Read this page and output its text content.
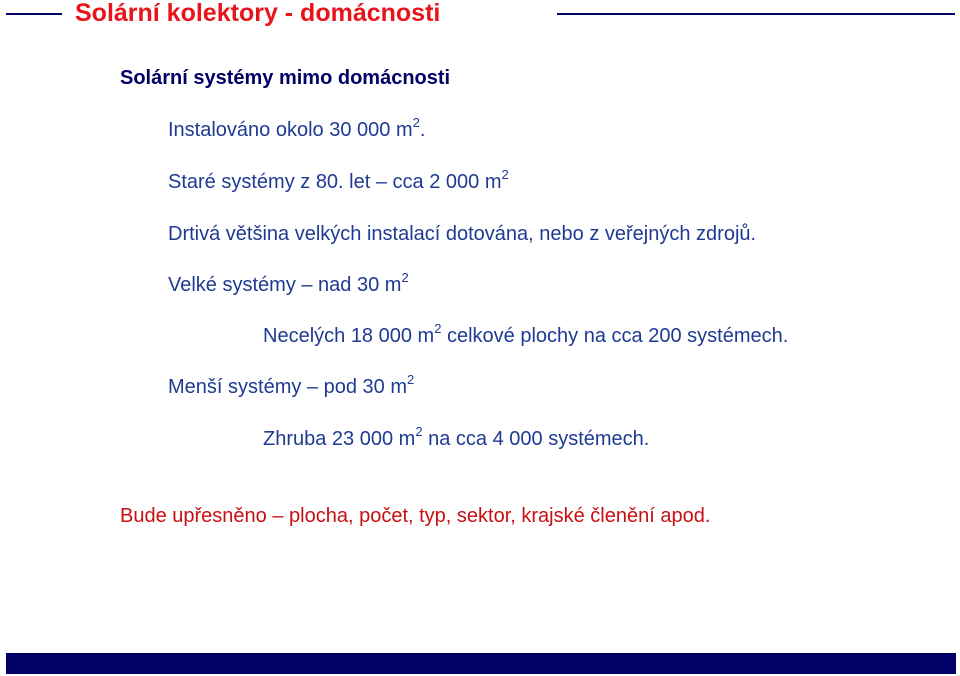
Solární kolektory - domácnosti

Solární systémy mimo domácnosti

Instalováno okolo 30 000 $m^2$.

Staré systémy z 80. let – cca 2 000 $m^2$

Drtivá většina velkých instalací dotována, nebo z veřejných zdrojů.

Velké systémy – nad 30 $m^2$

Necelých 18 000 $m^2$ celkové plochy na cca 200 systémech.

Menší systémy – pod 30 $m^2$

Zhruba 23 000 $m^2$ na cca 4 000 systémech.

Bude upřesněno – plocha, počet, typ, sektor, krajské členění apod.
